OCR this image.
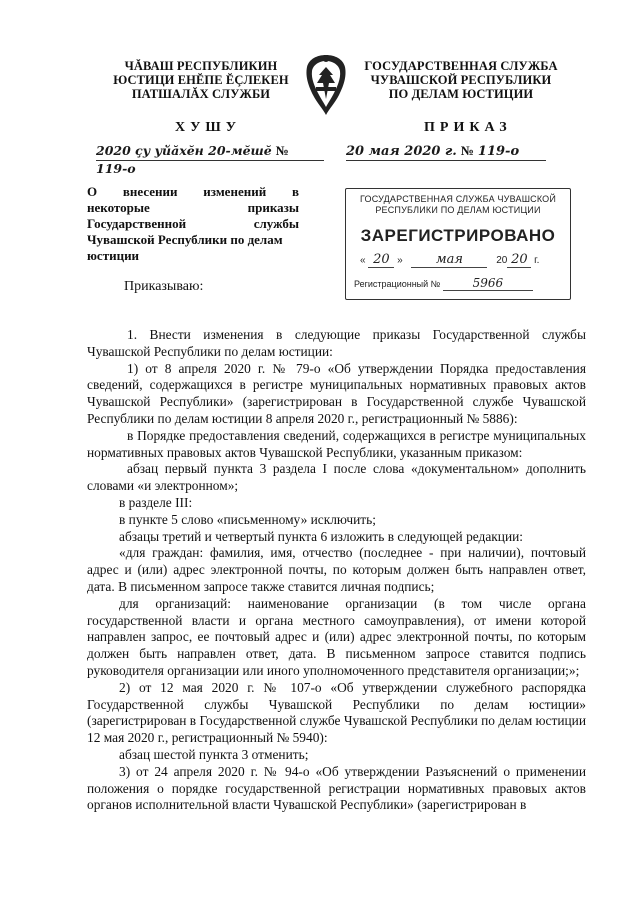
ЧĂВАШ РЕСПУБЛИКИН
ЮСТИЦИ ЕНĔПЕ ĔÇЛЕКЕН
ПАТШАЛĂХ СЛУЖБИ
ГОСУДАРСТВЕННАЯ СЛУЖБА
ЧУВАШСКОЙ РЕСПУБЛИКИ
ПО ДЕЛАМ ЮСТИЦИИ
ХУШУ	ПРИКАЗ
2020 ҫу уйӑхӗн 20-мӗшӗ № 119-о
20 мая 2020 г. № 119-о
О внесении изменений в
некоторые приказы
Государственной службы
Чувашской Республики по делам
юстиции
ГОСУДАРСТВЕННАЯ СЛУЖБА ЧУВАШСКОЙ
РЕСПУБЛИКИ ПО ДЕЛАМ ЮСТИЦИИ
ЗАРЕГИСТРИРОВАНО
« 20 »	мая	20 20 г.
Регистрационный №	5966
Приказываю:

1. Внести изменения в следующие приказы Государственной службы Чувашской Республики по делам юстиции:

1) от 8 апреля 2020 г. № 79-о «Об утверждении Порядка предоставления сведений, содержащихся в регистре муниципальных нормативных правовых актов Чувашской Республики» (зарегистрирован в Государственной службе Чувашской Республики по делам юстиции 8 апреля 2020 г., регистрационный № 5886):

в Порядке предоставления сведений, содержащихся в регистре муниципальных нормативных правовых актов Чувашской Республики, указанным приказом:

абзац первый пункта 3 раздела I после слова «документальном» дополнить словами «и электронном»;

в разделе III:

в пункте 5 слово «письменному» исключить;

абзацы третий и четвертый пункта 6 изложить в следующей редакции:

«для граждан: фамилия, имя, отчество (последнее - при наличии), почтовый адрес и (или) адрес электронной почты, по которым должен быть направлен ответ, дата. В письменном запросе также ставится личная подпись;

для организаций: наименование организации (в том числе органа государственной власти и органа местного самоуправления), от имени которой направлен запрос, ее почтовый адрес и (или) адрес электронной почты, по которым должен быть направлен ответ, дата. В письменном запросе ставится подпись руководителя организации или иного уполномоченного представителя организации;»;

2) от 12 мая 2020 г. № 107-о «Об утверждении служебного распорядка Государственной службы Чувашской Республики по делам юстиции» (зарегистрирован в Государственной службе Чувашской Республики по делам юстиции 12 мая 2020 г., регистрационный № 5940):

абзац шестой пункта 3 отменить;

3) от 24 апреля 2020 г. № 94-о «Об утверждении Разъяснений о применении положения о порядке государственной регистрации нормативных правовых актов органов исполнительной власти Чувашской Республики» (зарегистрирован в
